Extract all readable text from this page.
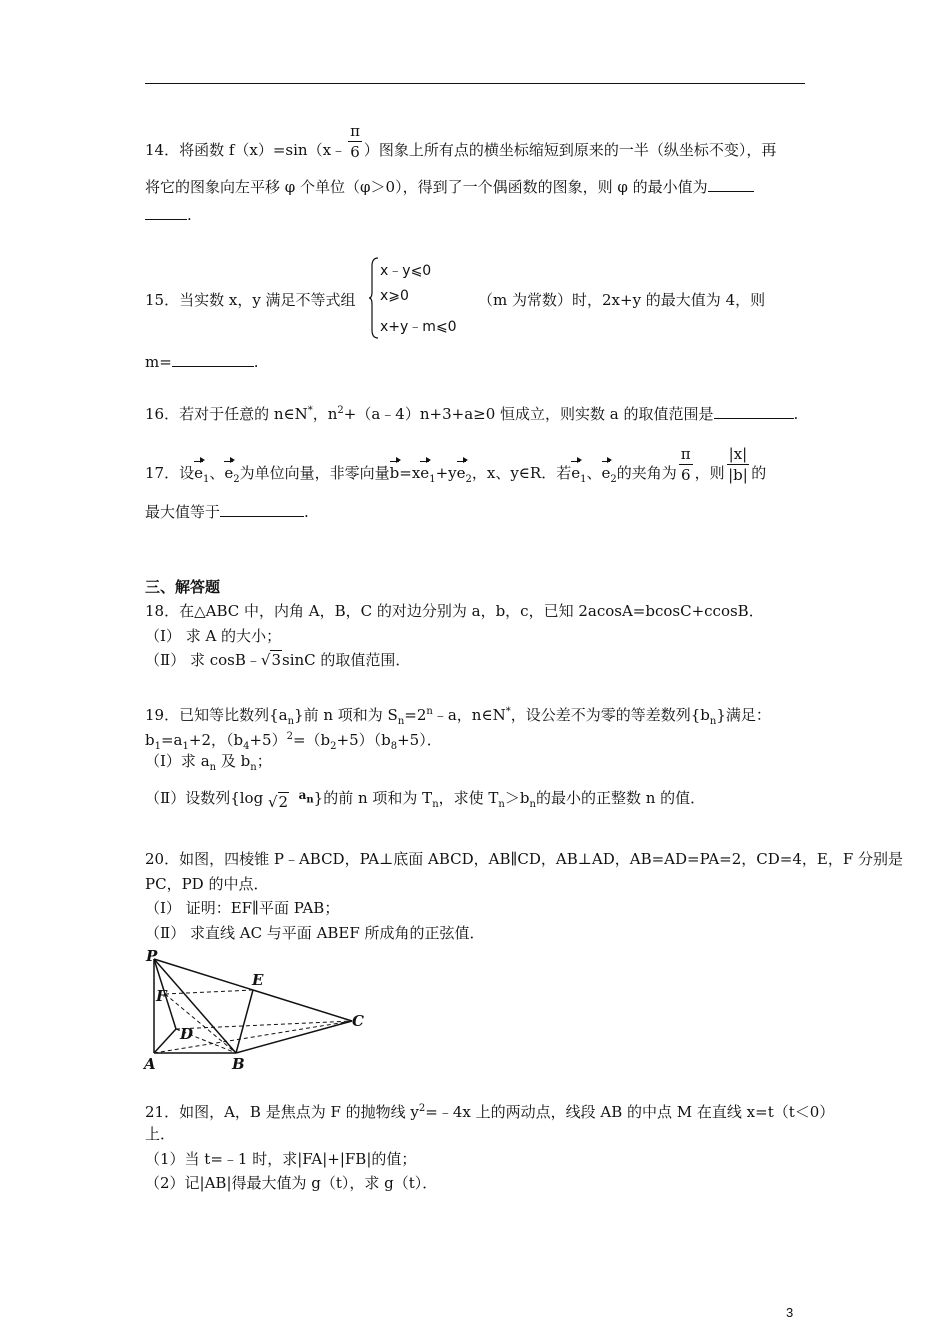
14．将函数 f（x）=sin（x﹣ $\frac{\pi}{6}$ ）图象上所有点的横坐标缩短到原来的一半（纵坐标不变），再
将它的图象向左平移 φ 个单位（φ＞0），得到了一个偶函数的图象，则 φ 的最小值为
.
15．当实数 x，y 满足不等式组
x﹣y⩽0
x⩾0
x+y﹣m⩽0
（m 为常数）时，2x+y 的最大值为 4，则
m=	.
16．若对于任意的 n∈N*，$n^2+(a﹣4)n+3+a\ge 0$ 恒成立，则实数 a 的取值范围是	.
17．设$e_1$、$e_2$为单位向量，非零向量$b=xe_1+ye_2$，x、y∈R．若$e_1$、$e_2$的夹角为 $\frac{\pi}{6}$ ，则 $\frac{|x|}{|b|}$ 的
最大值等于	.
三、解答题
18．在△ABC 中，内角 A，B，C 的对边分别为 a，b，c，已知 2acosA=bcosC+ccosB．
（Ⅰ） 求 A 的大小；
（Ⅱ） 求 cosB﹣√3sinC 的取值范围．
19．已知等比数列$\{a_n\}$前 n 项和为 $S_n=2^n﹣a$，n∈N*，设公差不为零的等差数列$\{b_n\}$满足：
$b_1=a_1+2$，$(b_4+5)^2=(b_2+5)(b_8+5)$．
（Ⅰ）求 $a_n$ 及 $b_n$；
（Ⅱ）设数列{log √2 $^{a_n}$}的前 n 项和为 $T_n$，求使 $T_n>b_n$的最小的正整数 n 的值．
20．如图，四棱锥 P﹣ABCD，PA⊥底面 ABCD，AB∥CD，AB⊥AD，AB=AD=PA=2，CD=4，E，F 分别是
PC，PD 的中点．
（Ⅰ） 证明：EF∥平面 PAB；
（Ⅱ） 求直线 AC 与平面 ABEF 所成角的正弦值．
P
E
F
D
C
A	B
21．如图，A，B 是焦点为 F 的抛物线 $y^2=﹣4x$ 上的两动点，线段 AB 的中点 M 在直线 x=t（t＜0）
上．
（1）当 t=﹣1 时，求|FA|+|FB|的值；
（2）记|AB|得最大值为 g（t），求 g（t）．
3
